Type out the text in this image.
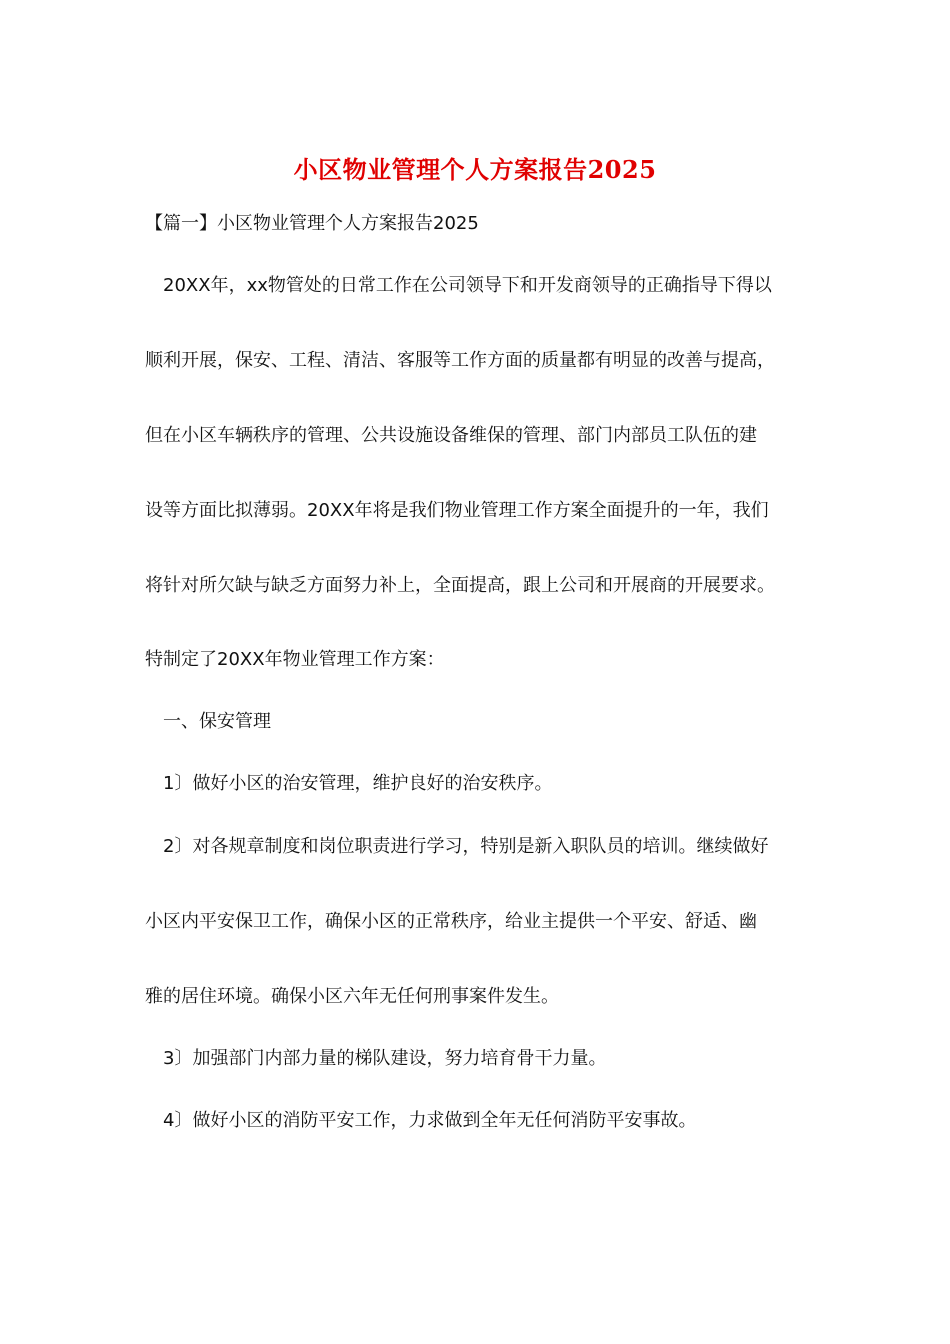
小区物业管理个人方案报告2025
【篇一】小区物业管理个人方案报告2025
20XX年，xx物管处的日常工作在公司领导下和开发商领导的正确指导下得以
顺利开展，保安、工程、清洁、客服等工作方面的质量都有明显的改善与提高，
但在小区车辆秩序的管理、公共设施设备维保的管理、部门内部员工队伍的建
设等方面比拟薄弱。20XX年将是我们物业管理工作方案全面提升的一年，我们
将针对所欠缺与缺乏方面努力补上，全面提高，跟上公司和开展商的开展要求。
特制定了20XX年物业管理工作方案：
一、保安管理
1〕做好小区的治安管理，维护良好的治安秩序。
2〕对各规章制度和岗位职责进行学习，特别是新入职队员的培训。继续做好
小区内平安保卫工作，确保小区的正常秩序，给业主提供一个平安、舒适、幽
雅的居住环境。确保小区六年无任何刑事案件发生。
3〕加强部门内部力量的梯队建设，努力培育骨干力量。
4〕做好小区的消防平安工作，力求做到全年无任何消防平安事故。
